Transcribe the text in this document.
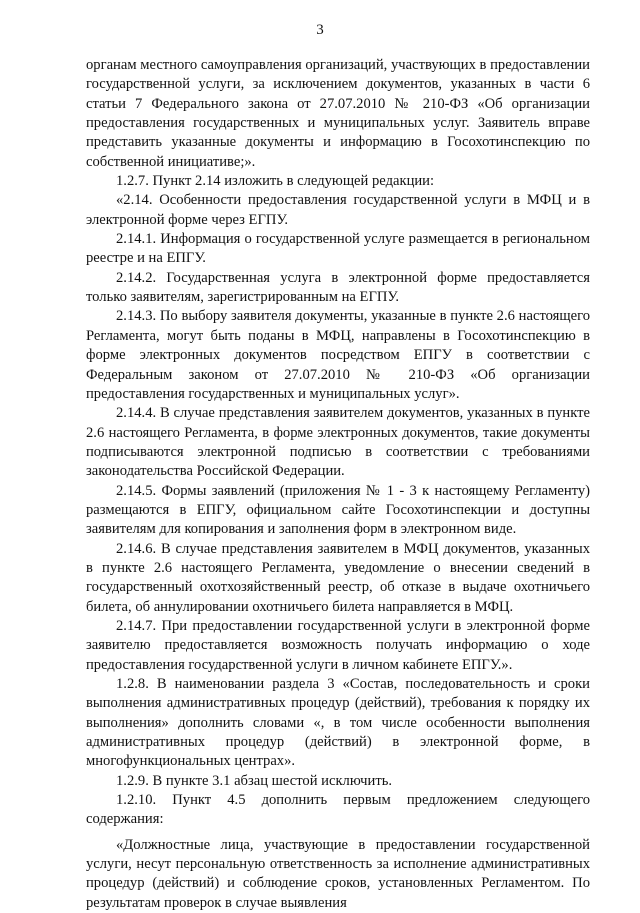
3

органам местного самоуправления организаций, участвующих в предоставлении государственной услуги, за исключением документов, указанных в части 6 статьи 7 Федерального закона от 27.07.2010 № 210-ФЗ «Об организации предоставления государственных и муниципальных услуг. Заявитель вправе представить указанные документы и информацию в Госохотинспекцию по собственной инициативе;».

1.2.7. Пункт 2.14 изложить в следующей редакции:

«2.14. Особенности предоставления государственной услуги в МФЦ и в электронной форме через ЕГПУ.

2.14.1. Информация о государственной услуге размещается в региональном реестре и на ЕПГУ.

2.14.2. Государственная услуга в электронной форме предоставляется только заявителям, зарегистрированным на ЕГПУ.

2.14.3. По выбору заявителя документы, указанные в пункте 2.6 настоящего Регламента, могут быть поданы в МФЦ, направлены в Госохотинспекцию в форме электронных документов посредством ЕПГУ в соответствии с Федеральным законом от 27.07.2010 № 210-ФЗ «Об организации предоставления государственных и муниципальных услуг».

2.14.4. В случае представления заявителем документов, указанных в пункте 2.6 настоящего Регламента, в форме электронных документов, такие документы подписываются электронной подписью в соответствии с требованиями законодательства Российской Федерации.

2.14.5. Формы заявлений (приложения № 1 - 3 к настоящему Регламенту) размещаются в ЕПГУ, официальном сайте Госохотинспекции и доступны заявителям для копирования и заполнения форм в электронном виде.

2.14.6. В случае представления заявителем в МФЦ документов, указанных в пункте 2.6 настоящего Регламента, уведомление о внесении сведений в государственный охотхозяйственный реестр, об отказе в выдаче охотничьего билета, об аннулировании охотничьего билета направляется в МФЦ.

2.14.7. При предоставлении государственной услуги в электронной форме заявителю предоставляется возможность получать информацию о ходе предоставления государственной услуги в личном кабинете ЕПГУ.».

1.2.8. В наименовании раздела 3 «Состав, последовательность и сроки выполнения административных процедур (действий), требования к порядку их выполнения» дополнить словами «, в том числе особенности выполнения административных процедур (действий) в электронной форме, в многофункциональных центрах».

1.2.9. В пункте 3.1 абзац шестой исключить.

1.2.10. Пункт 4.5 дополнить первым предложением следующего содержания:

«Должностные лица, участвующие в предоставлении государственной услуги, несут персональную ответственность за исполнение административных процедур (действий) и соблюдение сроков, установленных Регламентом. По результатам проверок в случае выявления
